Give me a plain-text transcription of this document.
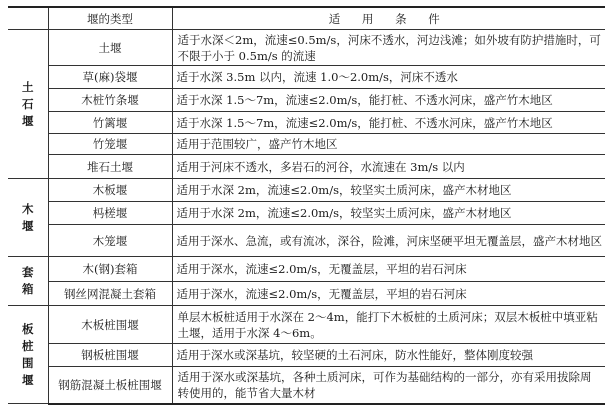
	堰的类型	适 用 条 件

土
石
堰	土堰	适于水深＜2m，流速≤0.5m/s，河床不透水，河边浅滩；如外坡有防护措施时，可不限于小于 0.5m/s 的流速
	草(麻)袋堰	适于水深 3.5m 以内，流速 1.0～2.0m/s，河床不透水
	木桩竹条堰	适于水深 1.5～7m，流速≤2.0m/s，能打桩、不透水河床，盛产竹木地区
	竹篱堰	适于水深 1.5～7m，流速≤2.0m/s，能打桩、不透水河床，盛产竹木地区
	竹笼堰	适用于范围较广，盛产竹木地区
	堆石土堰	适用于河床不透水，多岩石的河谷，水流速在 3m/s 以内

木
堰	木板堰	适用于水深 2m，流速≤2.0m/s，较坚实土质河床，盛产木材地区
	杩槎堰	适用于水深 2m，流速≤2.0m/s，较坚实土质河床，盛产木材地区
	木笼堰	适用于深水、急流，或有流冰，深谷，险滩，河床坚硬平坦无覆盖层，盛产木材地区

套
箱	木(钢)套箱	适用于深水，流速≤2.0m/s，无覆盖层，平坦的岩石河床
	钢丝网混凝土套箱	适用于深水，流速≤2.0m/s，无覆盖层，平坦的岩石河床

板
桩
围
堰	木板桩围堰	单层木板桩适用于水深在 2～4m，能打下木板桩的土质河床；双层木板桩中填亚粘土堰，适用于水深 4～6m。
	钢板桩围堰	适用于深水或深基坑，较坚硬的土石河床，防水性能好，整体刚度较强
	钢筋混凝土板桩围堰	适用于深水或深基坑，各种土质河床，可作为基础结构的一部分，亦有采用拔除周转使用的，能节省大量木材
